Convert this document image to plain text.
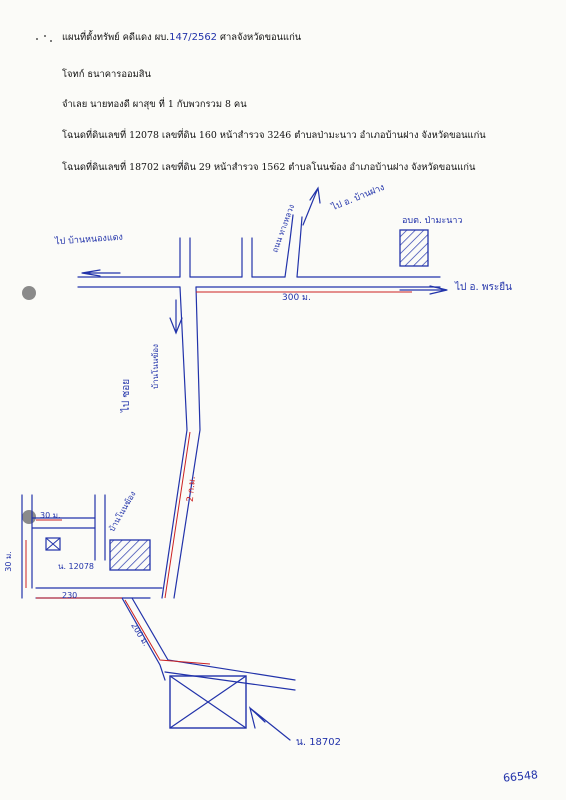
แผนที่ตั้งทรัพย์ คดีแดง ผบ.147/2562 ศาลจังหวัดขอนแก่น
โจทก์ ธนาคารออมสิน
จำเลย นายทองดี ผาสุข ที่ 1 กับพวกรวม 8 คน
โฉนดที่ดินเลขที่ 12078 เลขที่ดิน 160 หน้าสำรวจ 3246 ตำบลป่ามะนาว อำเภอบ้านฝาง จังหวัดขอนแก่น
โฉนดที่ดินเลขที่ 18702 เลขที่ดิน 29 หน้าสำรวจ 1562 ตำบลโนนฆ้อง อำเภอบ้านฝาง จังหวัดขอนแก่น
ไป บ้านหนองแดง
ไป อ. บ้านฝาง
ถนน ทางหลวง	อบต. ป่ามะนาว
ไป อ. พระยืน
300 ม.
ไป ซอย
บ้านโนนฆ้อง
2 ก.ม.
บ้านโนนฆ้อง
30 ม.
30 ม.	น. 12078
230
200 ม.
น. 18702
66548
